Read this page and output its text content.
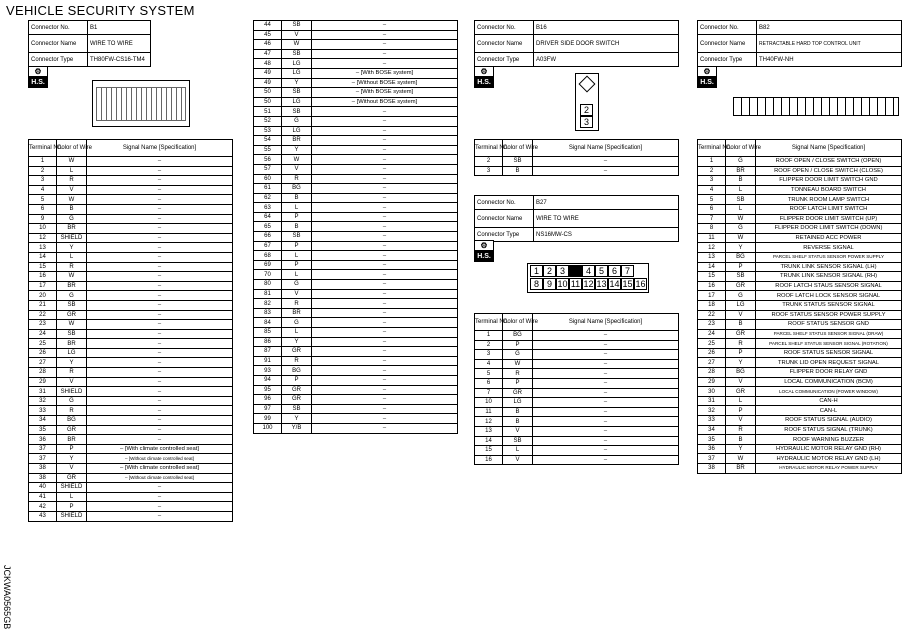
VEHICLE SECURITY SYSTEM
JCKWA0565GB
Connector No.	B1
Connector Name	WIRE TO WIRE
Connector Type	TH80FW-CS16-TM4
⚙
H.S.
Terminal No.	Color of Wire	Signal Name [Specification]
1	W	–
2	L	–
3	R	–
4	V	–
5	W	–
6	B	–
9	G	–
10	BR	–
12	SHIELD	–
13	Y	–
14	L	–
15	R	–
16	W	–
17	BR	–
20	G	–
21	SB	–
22	GR	–
23	W	–
24	SB	–
25	BR	–
26	LG	–
27	Y	–
28	R	–
29	V	–
31	SHIELD	–
32	G	–
33	R	–
34	BG	–
35	GR	–
36	BR	–
37	P	– [With climate controlled seat]
37	Y	– [Without climate controlled seat]
38	V	– [With climate controlled seat]
38	GR	– [Without climate controlled seat]
40	SHIELD	–
41	L	–
42	P	–
43	SHIELD	–
44	SB	–
45	V	–
46	W	–
47	SB	–
48	LG	–
49	LG	– [With BOSE system]
49	Y	– [Without BOSE system]
50	SB	– [With BOSE system]
50	LG	– [Without BOSE system]
51	SB	–
52	G	–
53	LG	–
54	BR	–
55	Y	–
56	W	–
57	V	–
60	R	–
61	BG	–
62	B	–
63	L	–
64	P	–
65	B	–
66	SB	–
67	P	–
68	L	–
69	P	–
70	L	–
80	G	–
81	V	–
82	R	–
83	BR	–
84	G	–
85	L	–
86	Y	–
87	GR	–
91	R	–
93	BG	–
94	P	–
95	GR	–
96	GR	–
97	SB	–
99	Y	–
100	Y/B	–
Connector No.	B16
Connector Name	DRIVER SIDE DOOR SWITCH
Connector Type	A03FW
⚙
H.S.
2
3
Terminal No.	Color of Wire	Signal Name [Specification]
2	SB	–
3	B	–
Connector No.	B27
Connector Name	WIRE TO WIRE
Connector Type	NS16MW-CS
⚙
H.S.
1 2 3	4 5 6 7
8 9 10 11 12 13 14 15 16
Terminal No.	Color of Wire	Signal Name [Specification]
1	BG	–
2	P	–
3	G	–
4	W	–
5	R	–
6	P	–
7	GR	–
10	LG	–
11	B	–
12	B	–
13	V	–
14	SB	–
15	L	–
16	V	–
Connector No.	B82
Connector Name	RETRACTABLE HARD TOP CONTROL UNIT
Connector Type	TH40FW-NH
⚙
H.S.
Terminal No.	Color of Wire	Signal Name [Specification]
1	G	ROOF OPEN / CLOSE SWITCH (OPEN)
2	BR	ROOF OPEN / CLOSE SWITCH (CLOSE)
3	B	FLIPPER DOOR LIMIT SWITCH GND
4	L	TONNEAU BOARD SWITCH
5	SB	TRUNK ROOM LAMP SWITCH
6	L	ROOF LATCH LIMIT SWITCH
7	W	FLIPPER DOOR LIMIT SWITCH (UP)
8	G	FLIPPER DOOR LIMIT SWITCH (DOWN)
11	W	RETAINED ACC POWER
12	Y	REVERSE SIGNAL
13	BG	PARCEL SHELF STATUS SENSOR POWER SUPPLY
14	P	TRUNK LINK SENSOR SIGNAL (LH)
15	SB	TRUNK LINK SENSOR SIGNAL (RH)
16	GR	ROOF LATCH STAUS SENSOR SIGNAL
17	G	ROOF LATCH LOCK SENSOR SIGNAL
18	LG	TRUNK STATUS SENSOR SIGNAL
22	V	ROOF STATUS SENSOR POWER SUPPLY
23	B	ROOF STATUS SENSOR GND
24	GR	PARCEL SHELF STATUS SENSOR SIGNAL (DRAW)
25	R	PARCEL SHELF STATUS SENSOR SIGNAL (ROTATION)
26	P	ROOF STATUS SENSOR SIGNAL
27	Y	TRUNK LID OPEN REQUEST SIGNAL
28	BG	FLIPPER DOOR RELAY GND
29	V	LOCAL COMMUNICATION (BCM)
30	GR	LOCAL COMMUNICATION (POWER WINDOW)
31	L	CAN-H
32	P	CAN-L
33	V	ROOF STATUS SIGNAL (AUDIO)
34	R	ROOF STATUS SIGNAL (TRUNK)
35	B	ROOF WARNING BUZZER
36	Y	HYDRAULIC MOTOR RELAY GND (RH)
37	W	HYDRAULIC MOTOR RELAY GND (LH)
38	BR	HYDRAULIC MOTOR RELAY POWER SUPPLY
